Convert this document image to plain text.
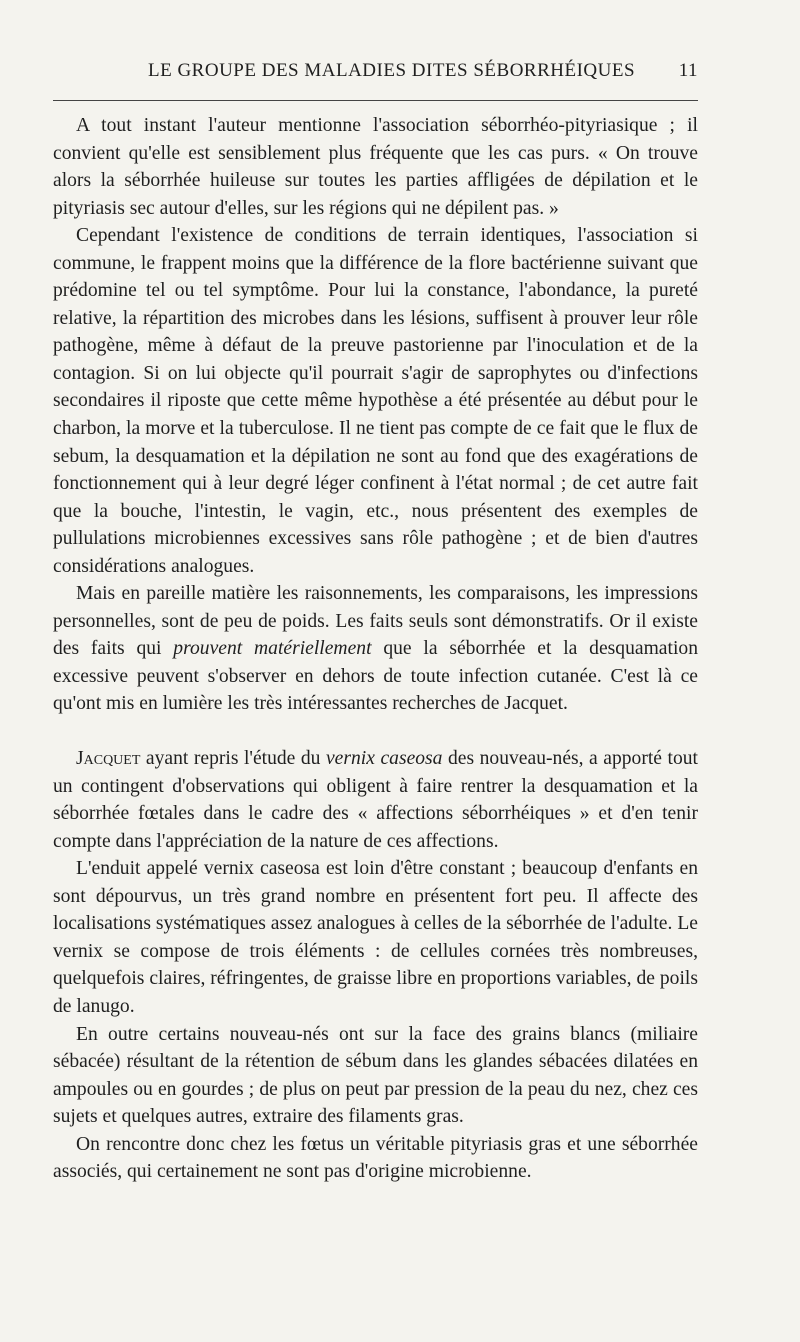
LE GROUPE DES MALADIES DITES SÉBORRHÉIQUES 11

A tout instant l'auteur mentionne l'association séborrhéo-pityriasique ; il convient qu'elle est sensiblement plus fréquente que les cas purs. « On trouve alors la séborrhée huileuse sur toutes les parties affligées de dépilation et le pityriasis sec autour d'elles, sur les régions qui ne dépilent pas. »

Cependant l'existence de conditions de terrain identiques, l'association si commune, le frappent moins que la différence de la flore bactérienne suivant que prédomine tel ou tel symptôme. Pour lui la constance, l'abondance, la pureté relative, la répartition des microbes dans les lésions, suffisent à prouver leur rôle pathogène, même à défaut de la preuve pastorienne par l'inoculation et de la contagion. Si on lui objecte qu'il pourrait s'agir de saprophytes ou d'infections secondaires il riposte que cette même hypothèse a été présentée au début pour le charbon, la morve et la tuberculose. Il ne tient pas compte de ce fait que le flux de sebum, la desquamation et la dépilation ne sont au fond que des exagérations de fonctionnement qui à leur degré léger confinent à l'état normal ; de cet autre fait que la bouche, l'intestin, le vagin, etc., nous présentent des exemples de pullulations microbiennes excessives sans rôle pathogène ; et de bien d'autres considérations analogues.

Mais en pareille matière les raisonnements, les comparaisons, les impressions personnelles, sont de peu de poids. Les faits seuls sont démonstratifs. Or il existe des faits qui prouvent matériellement que la séborrhée et la desquamation excessive peuvent s'observer en dehors de toute infection cutanée. C'est là ce qu'ont mis en lumière les très intéressantes recherches de Jacquet.

Jacquet ayant repris l'étude du vernix caseosa des nouveau-nés, a apporté tout un contingent d'observations qui obligent à faire rentrer la desquamation et la séborrhée fœtales dans le cadre des « affections séborrhéiques » et d'en tenir compte dans l'appréciation de la nature de ces affections.

L'enduit appelé vernix caseosa est loin d'être constant ; beaucoup d'enfants en sont dépourvus, un très grand nombre en présentent fort peu. Il affecte des localisations systématiques assez analogues à celles de la séborrhée de l'adulte. Le vernix se compose de trois éléments : de cellules cornées très nombreuses, quelquefois claires, réfringentes, de graisse libre en proportions variables, de poils de lanugo.

En outre certains nouveau-nés ont sur la face des grains blancs (miliaire sébacée) résultant de la rétention de sébum dans les glandes sébacées dilatées en ampoules ou en gourdes ; de plus on peut par pression de la peau du nez, chez ces sujets et quelques autres, extraire des filaments gras.

On rencontre donc chez les fœtus un véritable pityriasis gras et une séborrhée associés, qui certainement ne sont pas d'origine microbienne.
